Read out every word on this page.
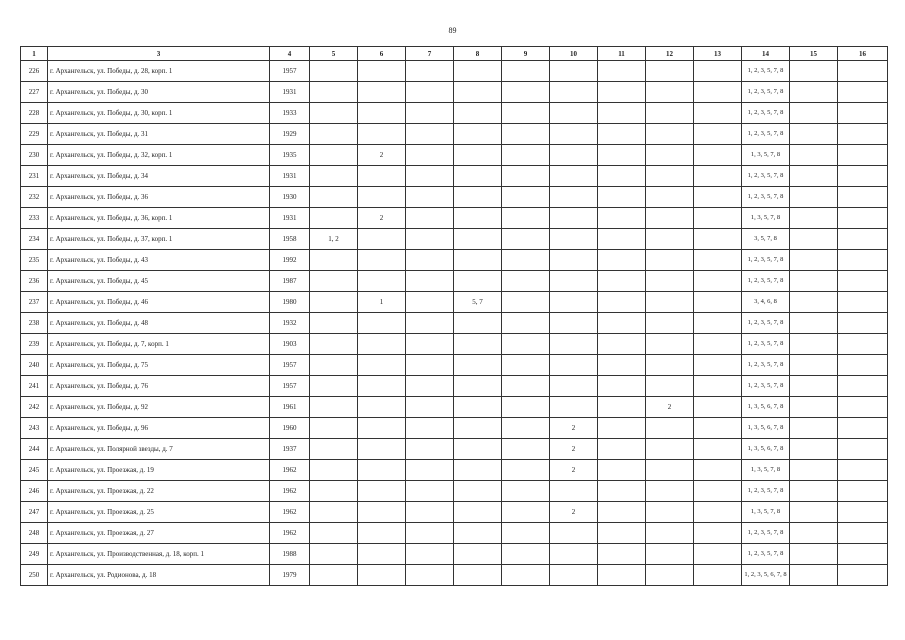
89
1	3	4	5	6	7	8	9	10	11	12	13	14	15	16
226	г. Архангельск, ул. Победы, д. 28, корп. 1	1957										1, 2, 3, 5, 7, 8		
227	г. Архангельск, ул. Победы, д. 30	1931										1, 2, 3, 5, 7, 8		
228	г. Архангельск, ул. Победы, д. 30, корп. 1	1933										1, 2, 3, 5, 7, 8		
229	г. Архангельск, ул. Победы, д. 31	1929										1, 2, 3, 5, 7, 8		
230	г. Архангельск, ул. Победы, д. 32, корп. 1	1935		2								1, 3, 5, 7, 8		
231	г. Архангельск, ул. Победы, д. 34	1931										1, 2, 3, 5, 7, 8		
232	г. Архангельск, ул. Победы, д. 36	1930										1, 2, 3, 5, 7, 8		
233	г. Архангельск, ул. Победы, д. 36, корп. 1	1931		2								1, 3, 5, 7, 8		
234	г. Архангельск, ул. Победы, д. 37, корп. 1	1958	1, 2									3, 5, 7, 8		
235	г. Архангельск, ул. Победы, д. 43	1992										1, 2, 3, 5, 7, 8		
236	г. Архангельск, ул. Победы, д. 45	1987										1, 2, 3, 5, 7, 8		
237	г. Архангельск, ул. Победы, д. 46	1980		1		5, 7						3, 4, 6, 8		
238	г. Архангельск, ул. Победы, д. 48	1932										1, 2, 3, 5, 7, 8		
239	г. Архангельск, ул. Победы, д. 7, корп. 1	1903										1, 2, 3, 5, 7, 8		
240	г. Архангельск, ул. Победы, д. 75	1957										1, 2, 3, 5, 7, 8		
241	г. Архангельск, ул. Победы, д. 76	1957										1, 2, 3, 5, 7, 8		
242	г. Архангельск, ул. Победы, д. 92	1961								2		1, 3, 5, 6, 7, 8		
243	г. Архангельск, ул. Победы, д. 96	1960						2				1, 3, 5, 6, 7, 8		
244	г. Архангельск, ул. Полярной звезды, д. 7	1937						2				1, 3, 5, 6, 7, 8		
245	г. Архангельск, ул. Проезжая, д. 19	1962						2				1, 3, 5, 7, 8		
246	г. Архангельск, ул. Проезжая, д. 22	1962										1, 2, 3, 5, 7, 8		
247	г. Архангельск, ул. Проезжая, д. 25	1962						2				1, 3, 5, 7, 8		
248	г. Архангельск, ул. Проезжая, д. 27	1962										1, 2, 3, 5, 7, 8		
249	г. Архангельск, ул. Производственная, д. 18, корп. 1	1988										1, 2, 3, 5, 7, 8		
250	г. Архангельск, ул. Родионова, д. 18	1979										1, 2, 3, 5, 6, 7, 8		
